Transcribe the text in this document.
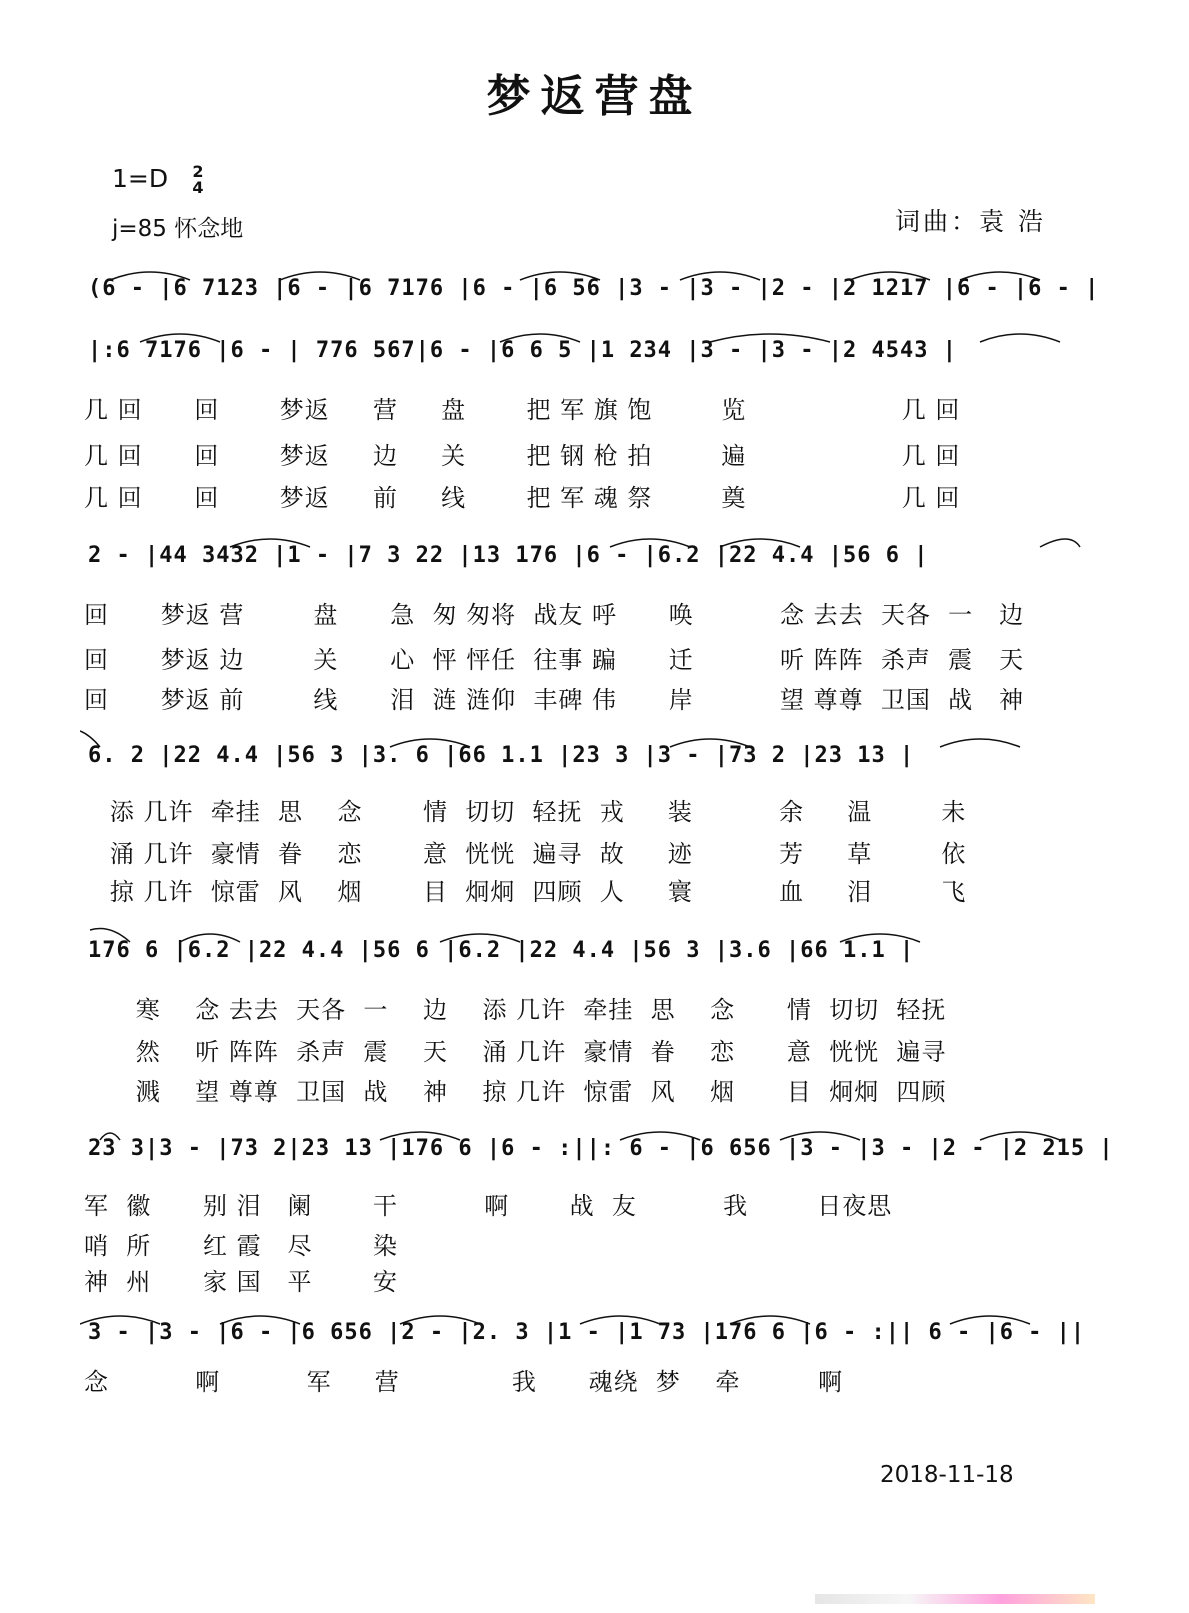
梦返营盘
1=D	2
4
j=85 怀念地	词曲：袁 浩
(6 - |6 7123 |6 - |6 7176 |6 - |6 56 |3 - |3 - |2 - |2 1217 |6 - |6 - |
|:6 7176 |6 - | 776 567|6 - |6 6 5 |1 234 |3 - |3 - |2 4543 |
几 回      回       梦返     营     盘       把 军 旗 饱        览                  几 回
几 回      回       梦返     边     关       把 钢 枪 拍        遍                  几 回
几 回      回       梦返     前     线       把 军 魂 祭        奠                  几 回
2 - |44 3432 |1 - |7 3 22 |13 176 |6 - |6.2 |22 4.4 |56 6 |
回      梦返 营        盘      急  匆 匆将  战友 呼      唤          念 去去  天各  一   边
回      梦返 边        关      心  怦 怦任  往事 蹁      迁          听 阵阵  杀声  震   天
回      梦返 前        线      泪  涟 涟仰  丰碑 伟      岸          望 尊尊  卫国  战   神
6. 2 |22 4.4 |56 3 |3. 6 |66 1.1 |23 3 |3 - |73 2 |23 13 |
添 几许  牵挂  思    念       情  切切  轻抚  戎     装          余     温        未
涌 几许  豪情  眷    恋       意  恍恍  遍寻  故     迹          芳     草        依
掠 几许  惊雷  风    烟       目  炯炯  四顾  人     寰          血     泪        飞
176 6 |6.2 |22 4.4 |56 6 |6.2 |22 4.4 |56 3 |3.6 |66 1.1 |
寒    念 去去  天各  一    边    添 几许  牵挂  思    念      情  切切  轻抚
然    听 阵阵  杀声  震    天    涌 几许  豪情  眷    恋      意  恍恍  遍寻
溅    望 尊尊  卫国  战    神    掠 几许  惊雷  风    烟      目  炯炯  四顾
23 3|3 - |73 2|23 13 |176 6 |6 - :||: 6 - |6 656 |3 - |3 - |2 - |2 215 |
军  徽      别 泪   阑       干          啊       战  友          我        日夜思
哨  所      红 霞   尽       染
神  州      家 国   平       安
3 - |3 - |6 - |6 656 |2 - |2. 3 |1 - |1 73 |176 6 |6 - :|| 6 - |6 - ||
念          啊          军     营             我      魂绕  梦    牵         啊
2018-11-18
